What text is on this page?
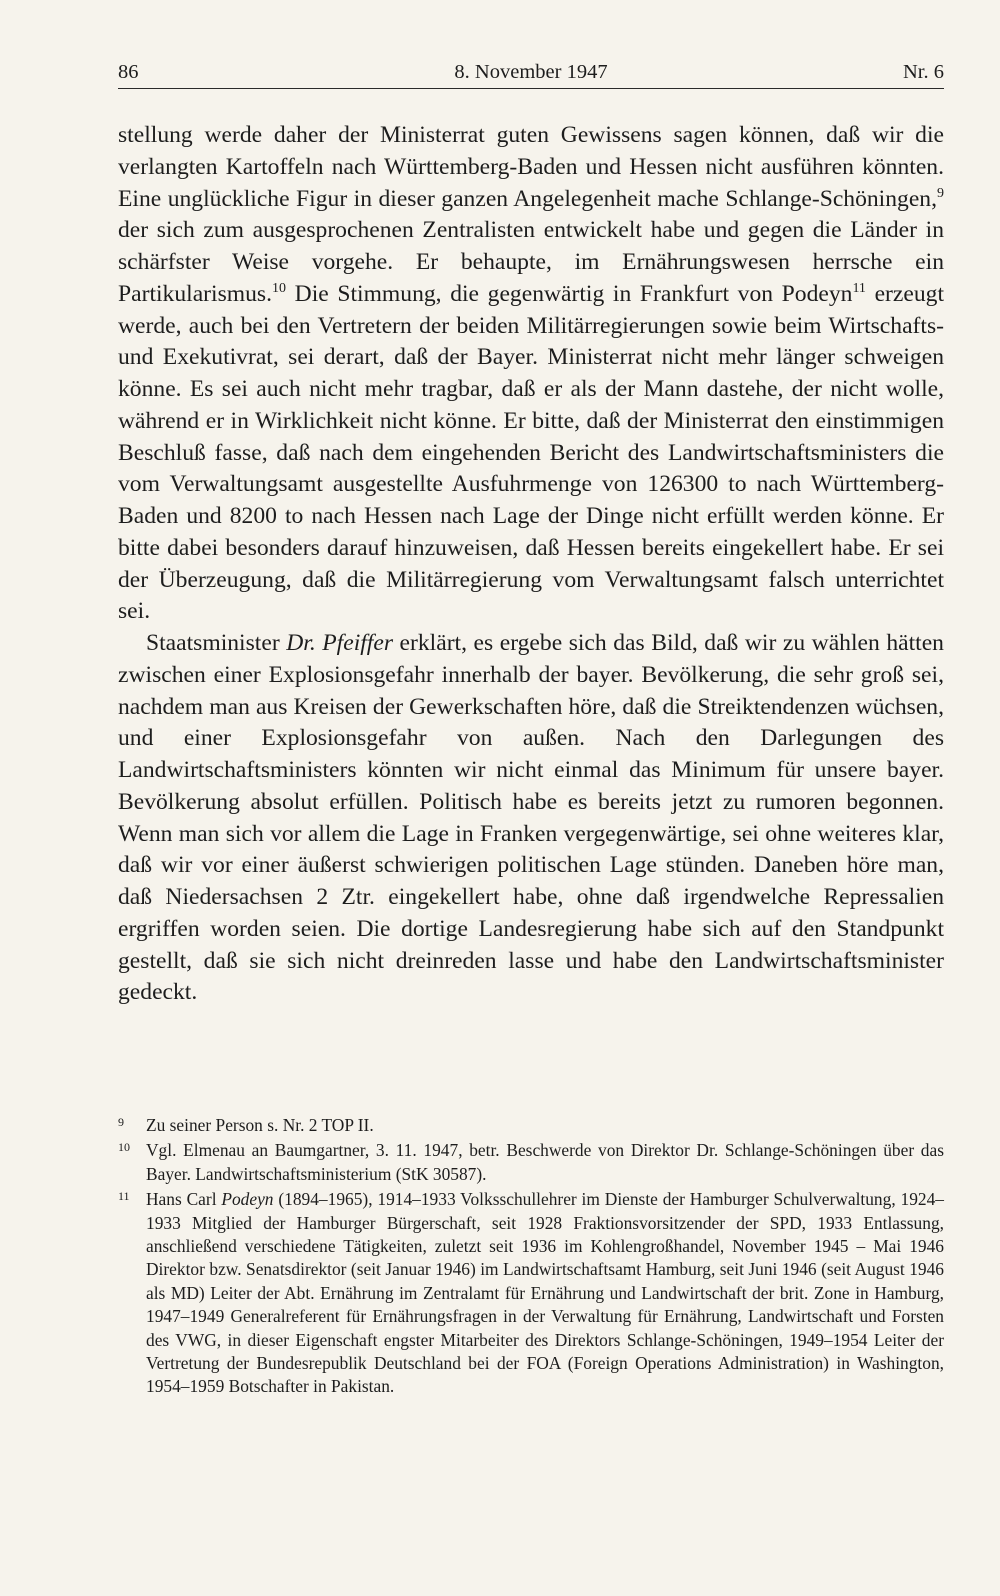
86	8. November 1947	Nr. 6

stellung werde daher der Ministerrat guten Gewissens sagen können, daß wir die verlangten Kartoffeln nach Württemberg-Baden und Hessen nicht ausführen könnten. Eine unglückliche Figur in dieser ganzen Angelegenheit mache Schlange-Schöningen,$^9$ der sich zum ausgesprochenen Zentralisten entwickelt habe und gegen die Länder in schärfster Weise vorgehe. Er behaupte, im Ernährungswesen herrsche ein Partikularismus.$^{10}$ Die Stimmung, die gegenwärtig in Frankfurt von Podeyn$^{11}$ erzeugt werde, auch bei den Vertretern der beiden Militärregierungen sowie beim Wirtschafts- und Exekutivrat, sei derart, daß der Bayer. Ministerrat nicht mehr länger schweigen könne. Es sei auch nicht mehr tragbar, daß er als der Mann dastehe, der nicht wolle, während er in Wirklichkeit nicht könne. Er bitte, daß der Ministerrat den einstimmigen Beschluß fasse, daß nach dem eingehenden Bericht des Landwirtschaftsministers die vom Verwaltungsamt ausgestellte Ausfuhrmenge von 126300 to nach Württemberg-Baden und 8200 to nach Hessen nach Lage der Dinge nicht erfüllt werden könne. Er bitte dabei besonders darauf hinzuweisen, daß Hessen bereits eingekellert habe. Er sei der Überzeugung, daß die Militärregierung vom Verwaltungsamt falsch unterrichtet sei.

Staatsminister Dr. Pfeiffer erklärt, es ergebe sich das Bild, daß wir zu wählen hätten zwischen einer Explosionsgefahr innerhalb der bayer. Bevölkerung, die sehr groß sei, nachdem man aus Kreisen der Gewerkschaften höre, daß die Streiktendenzen wüchsen, und einer Explosionsgefahr von außen. Nach den Darlegungen des Landwirtschaftsministers könnten wir nicht einmal das Minimum für unsere bayer. Bevölkerung absolut erfüllen. Politisch habe es bereits jetzt zu rumoren begonnen. Wenn man sich vor allem die Lage in Franken vergegenwärtige, sei ohne weiteres klar, daß wir vor einer äußerst schwierigen politischen Lage stünden. Daneben höre man, daß Niedersachsen 2 Ztr. eingekellert habe, ohne daß irgendwelche Repressalien ergriffen worden seien. Die dortige Landesregierung habe sich auf den Standpunkt gestellt, daß sie sich nicht dreinreden lasse und habe den Landwirtschaftsminister gedeckt.

9 Zu seiner Person s. Nr. 2 TOP II.
10 Vgl. Elmenau an Baumgartner, 3. 11. 1947, betr. Beschwerde von Direktor Dr. Schlange-Schöningen über das Bayer. Landwirtschaftsministerium (StK 30587).
11 Hans Carl Podeyn (1894–1965), 1914–1933 Volksschullehrer im Dienste der Hamburger Schulverwaltung, 1924–1933 Mitglied der Hamburger Bürgerschaft, seit 1928 Fraktionsvorsitzender der SPD, 1933 Entlassung, anschließend verschiedene Tätigkeiten, zuletzt seit 1936 im Kohlengroßhandel, November 1945 – Mai 1946 Direktor bzw. Senatsdirektor (seit Januar 1946) im Landwirtschaftsamt Hamburg, seit Juni 1946 (seit August 1946 als MD) Leiter der Abt. Ernährung im Zentralamt für Ernährung und Landwirtschaft der brit. Zone in Hamburg, 1947–1949 Generalreferent für Ernährungsfragen in der Verwaltung für Ernährung, Landwirtschaft und Forsten des VWG, in dieser Eigenschaft engster Mitarbeiter des Direktors Schlange-Schöningen, 1949–1954 Leiter der Vertretung der Bundesrepublik Deutschland bei der FOA (Foreign Operations Administration) in Washington, 1954–1959 Botschafter in Pakistan.
